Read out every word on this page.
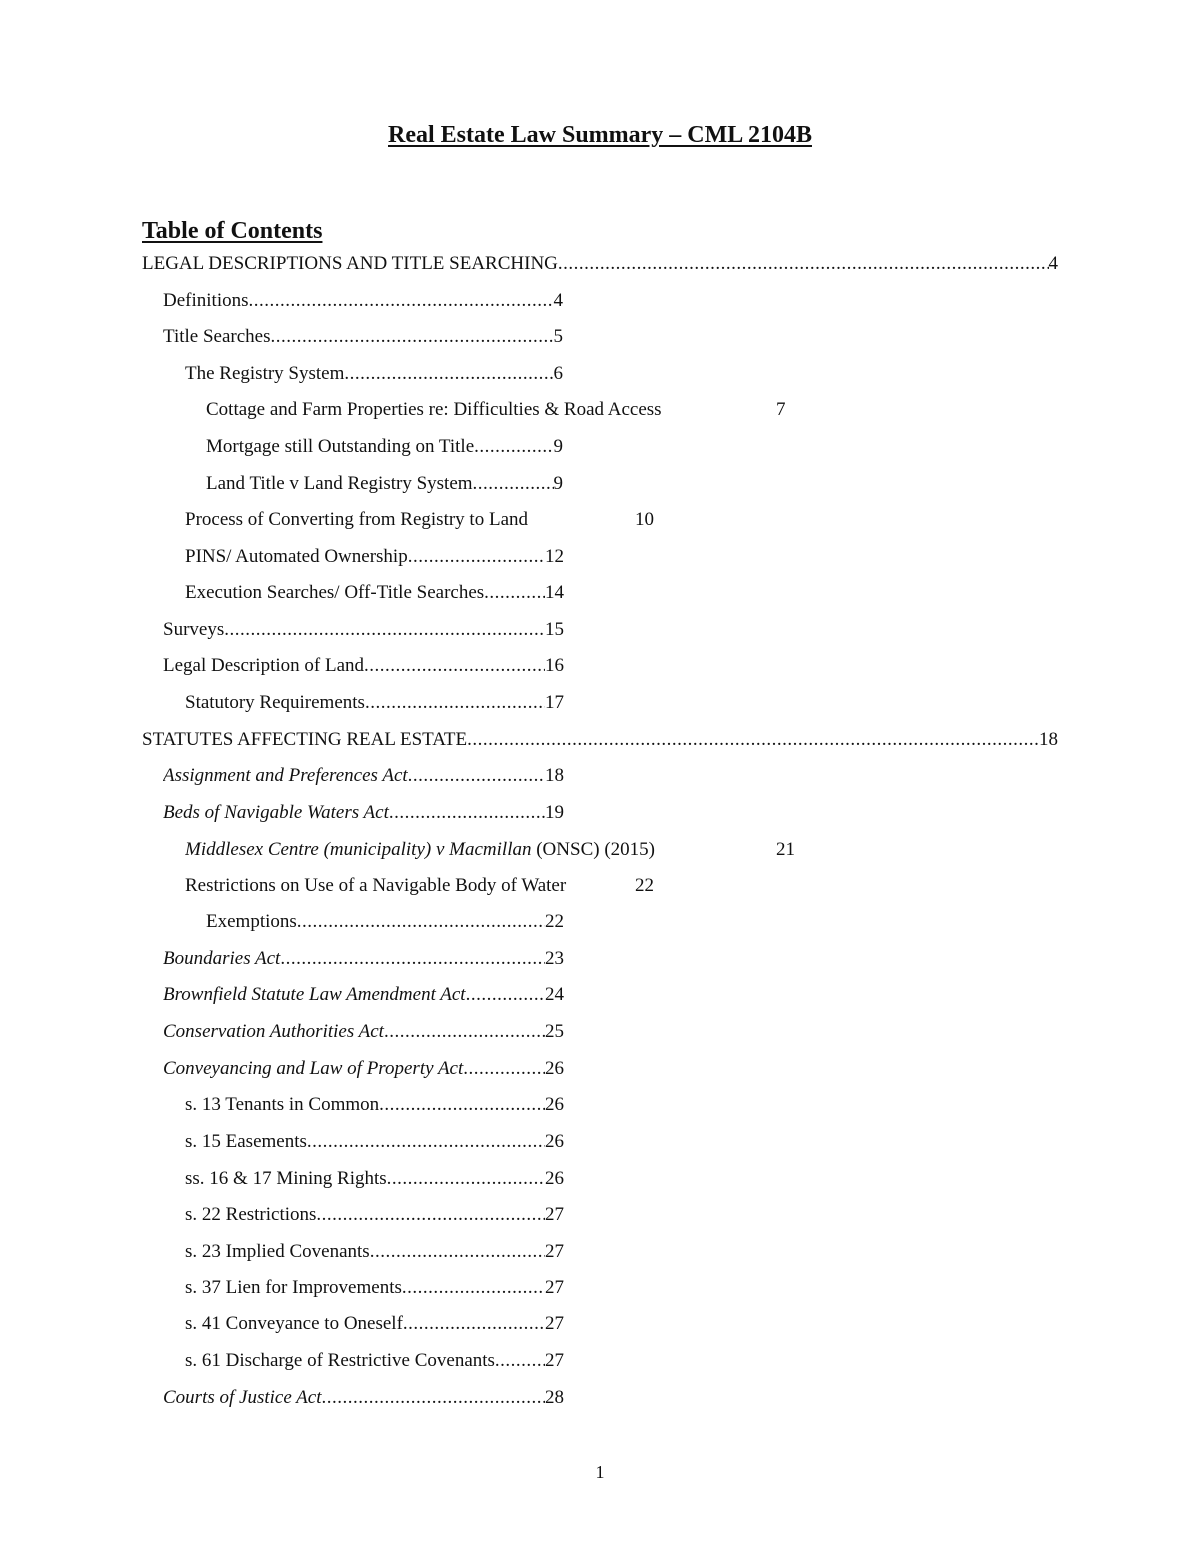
Real Estate Law Summary – CML 2104B
Table of Contents
LEGAL DESCRIPTIONS AND TITLE SEARCHING .....	4
Definitions .....	4
Title Searches .....	5
The Registry System .....	6
Cottage and Farm Properties re: Difficulties & Road Access	7
Mortgage still Outstanding on Title .....	9
Land Title v Land Registry System .....	9
Process of Converting from Registry to Land	10
PINS/ Automated Ownership .....	12
Execution Searches/ Off-Title Searches .....	14
Surveys .....	15
Legal Description of Land .....	16
Statutory Requirements .....	17
STATUTES AFFECTING REAL ESTATE .....	18
Assignment and Preferences Act .....	18
Beds of Navigable Waters Act .....	19
Middlesex Centre (municipality) v Macmillan (ONSC) (2015)	21
Restrictions on Use of a Navigable Body of Water	22
Exemptions .....	22
Boundaries Act .....	23
Brownfield Statute Law Amendment Act .....	24
Conservation Authorities Act .....	25
Conveyancing and Law of Property Act .....	26
s. 13 Tenants in Common .....	26
s. 15 Easements .....	26
ss. 16 & 17 Mining Rights .....	26
s. 22 Restrictions .....	27
s. 23 Implied Covenants .....	27
s. 37 Lien for Improvements .....	27
s. 41 Conveyance to Oneself .....	27
s. 61 Discharge of Restrictive Covenants .....	27
Courts of Justice Act .....	28
1
